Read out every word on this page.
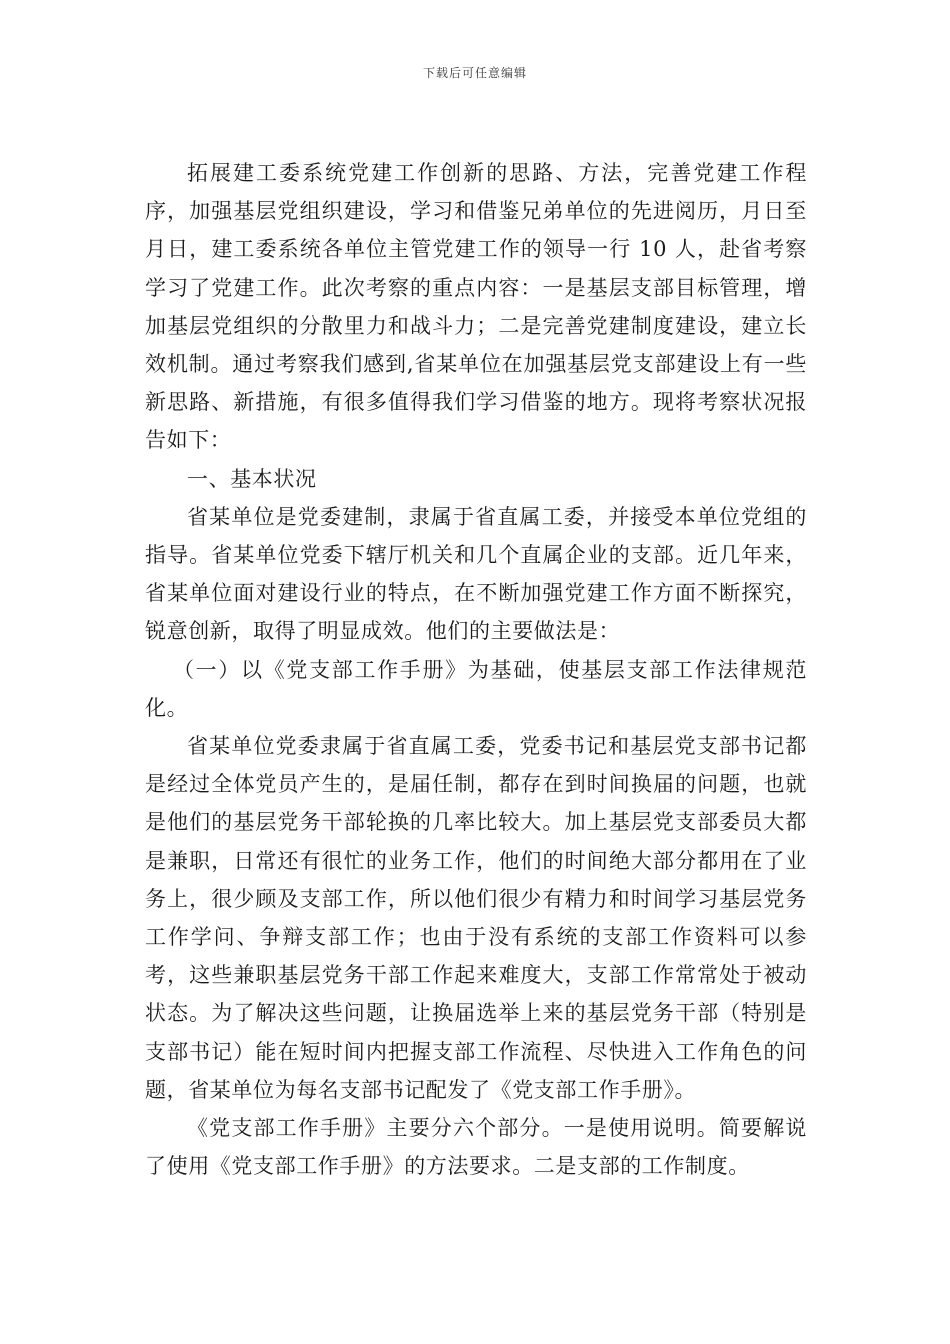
下载后可任意编辑

拓展建工委系统党建工作创新的思路、方法，完善党建工作程序，加强基层党组织建设，学习和借鉴兄弟单位的先进阅历，月日至月日，建工委系统各单位主管党建工作的领导一行 10 人，赴省考察学习了党建工作。此次考察的重点内容：一是基层支部目标管理，增加基层党组织的分散里力和战斗力；二是完善党建制度建设，建立长效机制。通过考察我们感到,省某单位在加强基层党支部建设上有一些新思路、新措施，有很多值得我们学习借鉴的地方。现将考察状况报告如下：

一、基本状况

省某单位是党委建制，隶属于省直属工委，并接受本单位党组的指导。省某单位党委下辖厅机关和几个直属企业的支部。近几年来，省某单位面对建设行业的特点，在不断加强党建工作方面不断探究，锐意创新，取得了明显成效。他们的主要做法是：

（一）以《党支部工作手册》为基础，使基层支部工作法律规范化。

省某单位党委隶属于省直属工委，党委书记和基层党支部书记都是经过全体党员产生的，是届任制，都存在到时间换届的问题，也就是他们的基层党务干部轮换的几率比较大。加上基层党支部委员大都是兼职，日常还有很忙的业务工作，他们的时间绝大部分都用在了业务上，很少顾及支部工作，所以他们很少有精力和时间学习基层党务工作学问、争辩支部工作；也由于没有系统的支部工作资料可以参考，这些兼职基层党务干部工作起来难度大，支部工作常常处于被动状态。为了解决这些问题，让换届选举上来的基层党务干部（特别是支部书记）能在短时间内把握支部工作流程、尽快进入工作角色的问题，省某单位为每名支部书记配发了《党支部工作手册》。

《党支部工作手册》主要分六个部分。一是使用说明。简要解说了使用《党支部工作手册》的方法要求。二是支部的工作制度。
